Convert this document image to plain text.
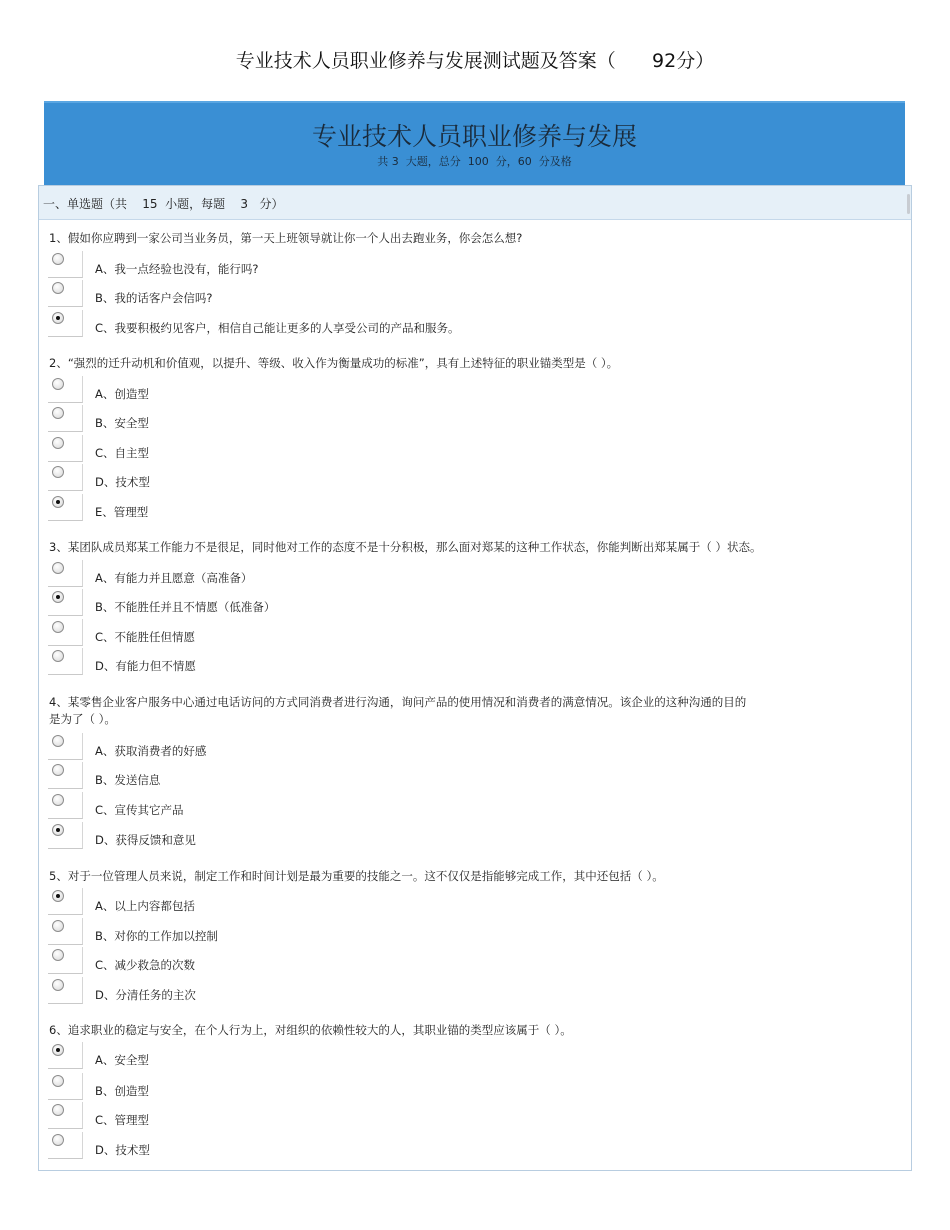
专业技术人员职业修养与发展测试题及答案（      92分）
专业技术人员职业修养与发展
共 3  大题，总分  100  分，60  分及格
一、单选题（共    15  小题，每题    3   分）
1、假如你应聘到一家公司当业务员，第一天上班领导就让你一个人出去跑业务，你会怎么想?
A、我一点经验也没有，能行吗?
B、我的话客户会信吗?
C、我要积极约见客户，相信自己能让更多的人享受公司的产品和服务。
2、“强烈的迁升动机和价值观，以提升、等级、收入作为衡量成功的标准”，具有上述特征的职业锚类型是（ ）。
A、创造型
B、安全型
C、自主型
D、技术型
E、管理型
3、某团队成员郑某工作能力不是很足，同时他对工作的态度不是十分积极，那么面对郑某的这种工作状态，你能判断出郑某属于（ ）状态。
A、有能力并且愿意（高准备）
B、不能胜任并且不情愿（低准备）
C、不能胜任但情愿
D、有能力但不情愿
4、某零售企业客户服务中心通过电话访问的方式同消费者进行沟通，询问产品的使用情况和消费者的满意情况。该企业的这种沟通的目的
是为了（ ）。
A、获取消费者的好感
B、发送信息
C、宣传其它产品
D、获得反馈和意见
5、对于一位管理人员来说，制定工作和时间计划是最为重要的技能之一。这不仅仅是指能够完成工作，其中还包括（ ）。
A、以上内容都包括
B、对你的工作加以控制
C、减少救急的次数
D、分清任务的主次
6、追求职业的稳定与安全，在个人行为上，对组织的依赖性较大的人，其职业锚的类型应该属于（ ）。
A、安全型
B、创造型
C、管理型
D、技术型
